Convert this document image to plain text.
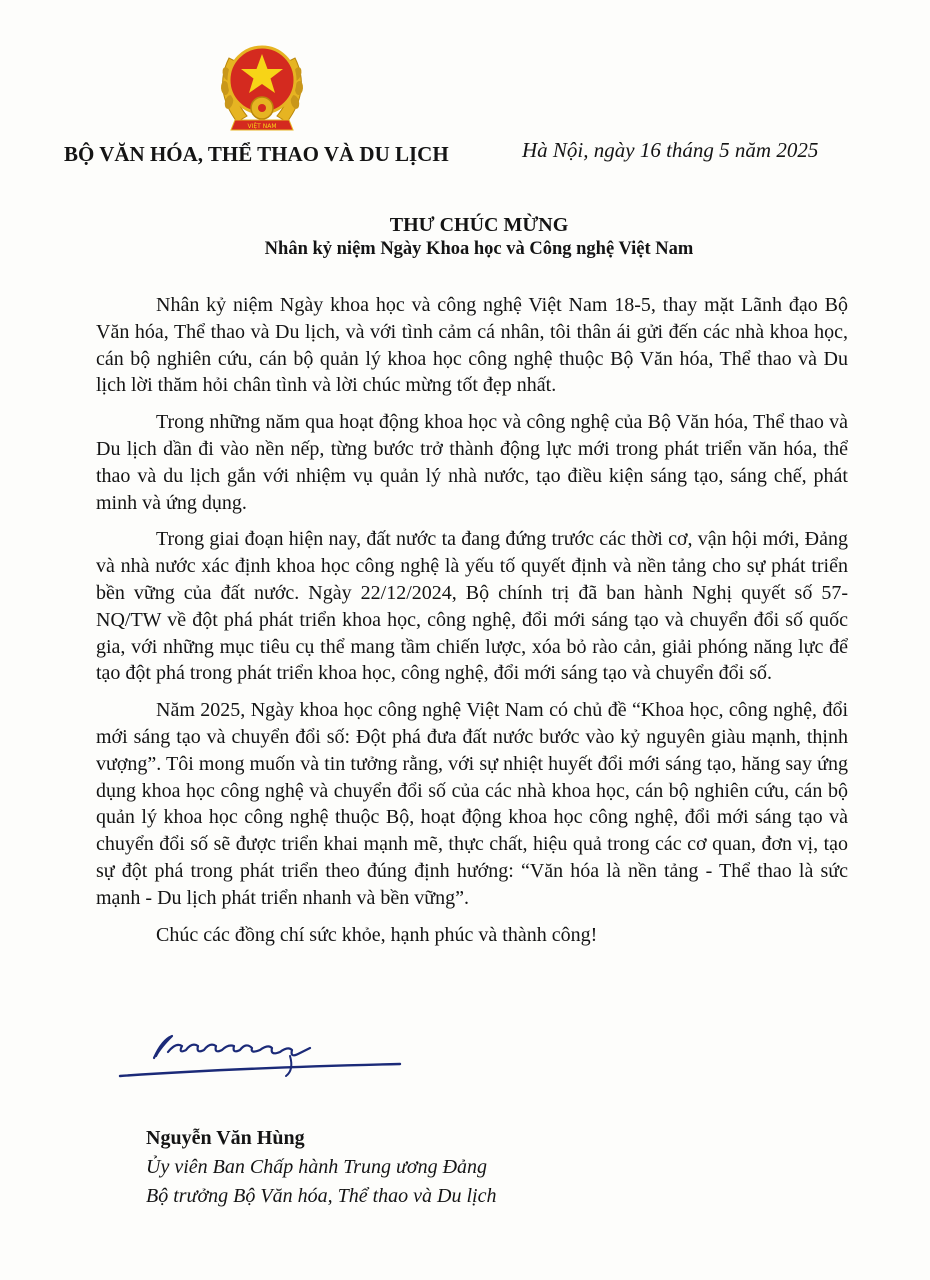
VIỆT NAM
BỘ VĂN HÓA, THỂ THAO VÀ DU LỊCH	Hà Nội, ngày 16 tháng 5 năm 2025
THƯ CHÚC MỪNG
Nhân kỷ niệm Ngày Khoa học và Công nghệ Việt Nam

Nhân kỷ niệm Ngày khoa học và công nghệ Việt Nam 18-5, thay mặt Lãnh đạo Bộ Văn hóa, Thể thao và Du lịch, và với tình cảm cá nhân, tôi thân ái gửi đến các nhà khoa học, cán bộ nghiên cứu, cán bộ quản lý khoa học công nghệ thuộc Bộ Văn hóa, Thể thao và Du lịch lời thăm hỏi chân tình và lời chúc mừng tốt đẹp nhất.

Trong những năm qua hoạt động khoa học và công nghệ của Bộ Văn hóa, Thể thao và Du lịch dần đi vào nền nếp, từng bước trở thành động lực mới trong phát triển văn hóa, thể thao và du lịch gắn với nhiệm vụ quản lý nhà nước, tạo điều kiện sáng tạo, sáng chế, phát minh và ứng dụng.

Trong giai đoạn hiện nay, đất nước ta đang đứng trước các thời cơ, vận hội mới, Đảng và nhà nước xác định khoa học công nghệ là yếu tố quyết định và nền tảng cho sự phát triển bền vững của đất nước. Ngày 22/12/2024, Bộ chính trị đã ban hành Nghị quyết số 57-NQ/TW về đột phá phát triển khoa học, công nghệ, đổi mới sáng tạo và chuyển đổi số quốc gia, với những mục tiêu cụ thể mang tầm chiến lược, xóa bỏ rào cản, giải phóng năng lực để tạo đột phá trong phát triển khoa học, công nghệ, đổi mới sáng tạo và chuyển đổi số.

Năm 2025, Ngày khoa học công nghệ Việt Nam có chủ đề “Khoa học, công nghệ, đổi mới sáng tạo và chuyển đổi số: Đột phá đưa đất nước bước vào kỷ nguyên giàu mạnh, thịnh vượng”. Tôi mong muốn và tin tưởng rằng, với sự nhiệt huyết đổi mới sáng tạo, hăng say ứng dụng khoa học công nghệ và chuyển đổi số của các nhà khoa học, cán bộ nghiên cứu, cán bộ quản lý khoa học công nghệ thuộc Bộ, hoạt động khoa học công nghệ, đổi mới sáng tạo và chuyển đổi số sẽ được triển khai mạnh mẽ, thực chất, hiệu quả trong các cơ quan, đơn vị, tạo sự đột phá trong phát triển theo đúng định hướng: “Văn hóa là nền tảng - Thể thao là sức mạnh - Du lịch phát triển nhanh và bền vững”.

Chúc các đồng chí sức khỏe, hạnh phúc và thành công!

Nguyễn Văn Hùng
Ủy viên Ban Chấp hành Trung ương Đảng
Bộ trưởng Bộ Văn hóa, Thể thao và Du lịch
